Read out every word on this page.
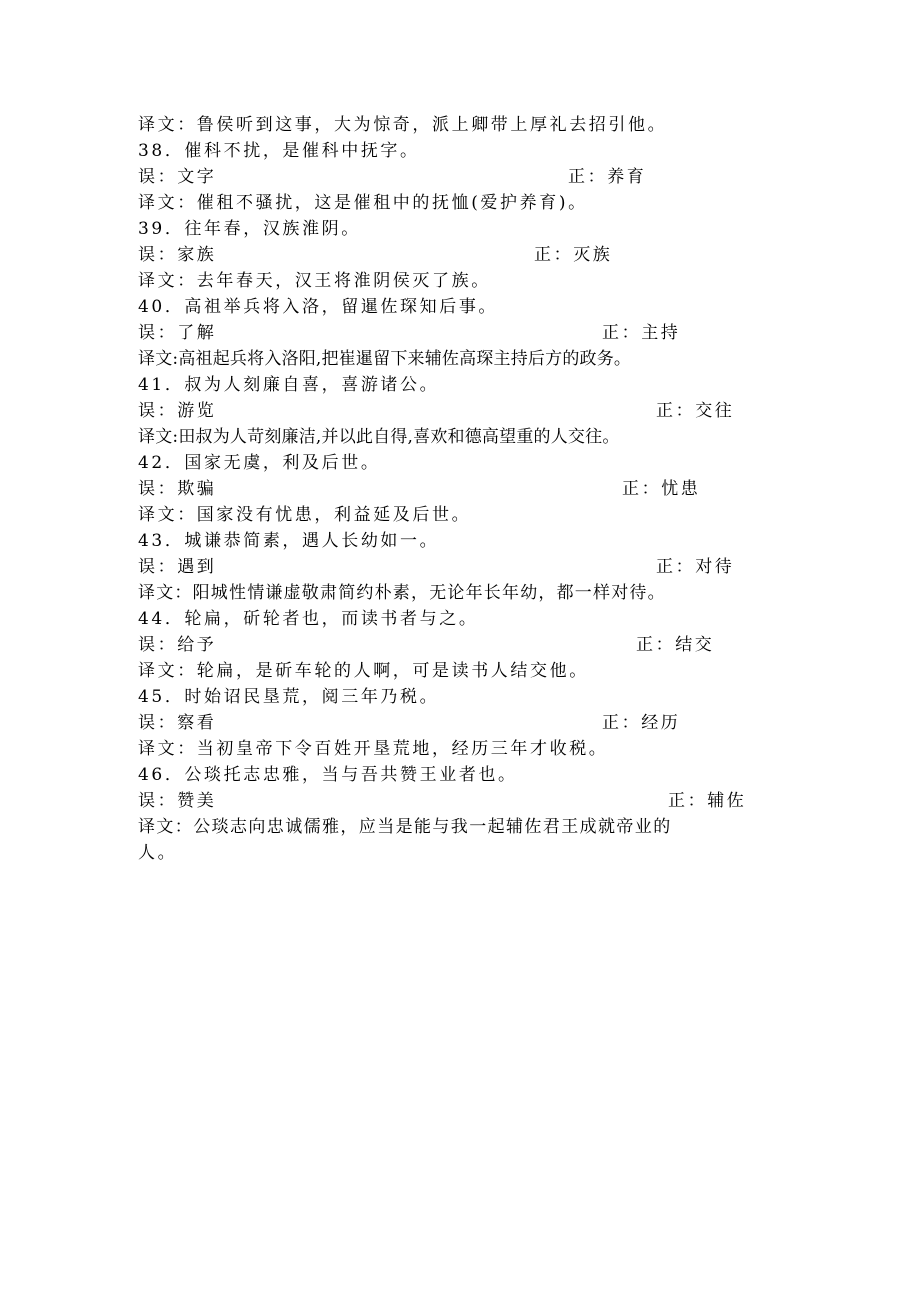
译文：鲁侯听到这事，大为惊奇，派上卿带上厚礼去招引他。
38．催科不扰，是催科中抚字。
误：文字	正：养育
译文：催租不骚扰，这是催租中的抚恤(爱护养育)。
39．往年春，汉族淮阴。
误：家族	正：灭族
译文：去年春天，汉王将淮阴侯灭了族。
40．高祖举兵将入洛，留暹佐琛知后事。
误：了解	正：主持
译文:高祖起兵将入洛阳,把崔暹留下来辅佐高琛主持后方的政务。
41．叔为人刻廉自喜，喜游诸公。
误：游览	正：交往
译文:田叔为人苛刻廉洁,并以此自得,喜欢和德高望重的人交往。
42．国家无虞，利及后世。
误：欺骗	正：忧患
译文：国家没有忧患，利益延及后世。
43．城谦恭简素，遇人长幼如一。
误：遇到	正：对待
译文：阳城性情谦虚敬肃简约朴素，无论年长年幼，都一样对待。
44．轮扁，斫轮者也，而读书者与之。
误：给予	正：结交
译文：轮扁，是斫车轮的人啊，可是读书人结交他。
45．时始诏民垦荒，阅三年乃税。
误：察看	正：经历
译文：当初皇帝下令百姓开垦荒地，经历三年才收税。
46．公琰托志忠雅，当与吾共赞王业者也。
误：赞美	正：辅佐
译文：公琰志向忠诚儒雅，应当是能与我一起辅佐君王成就帝业的
人。
